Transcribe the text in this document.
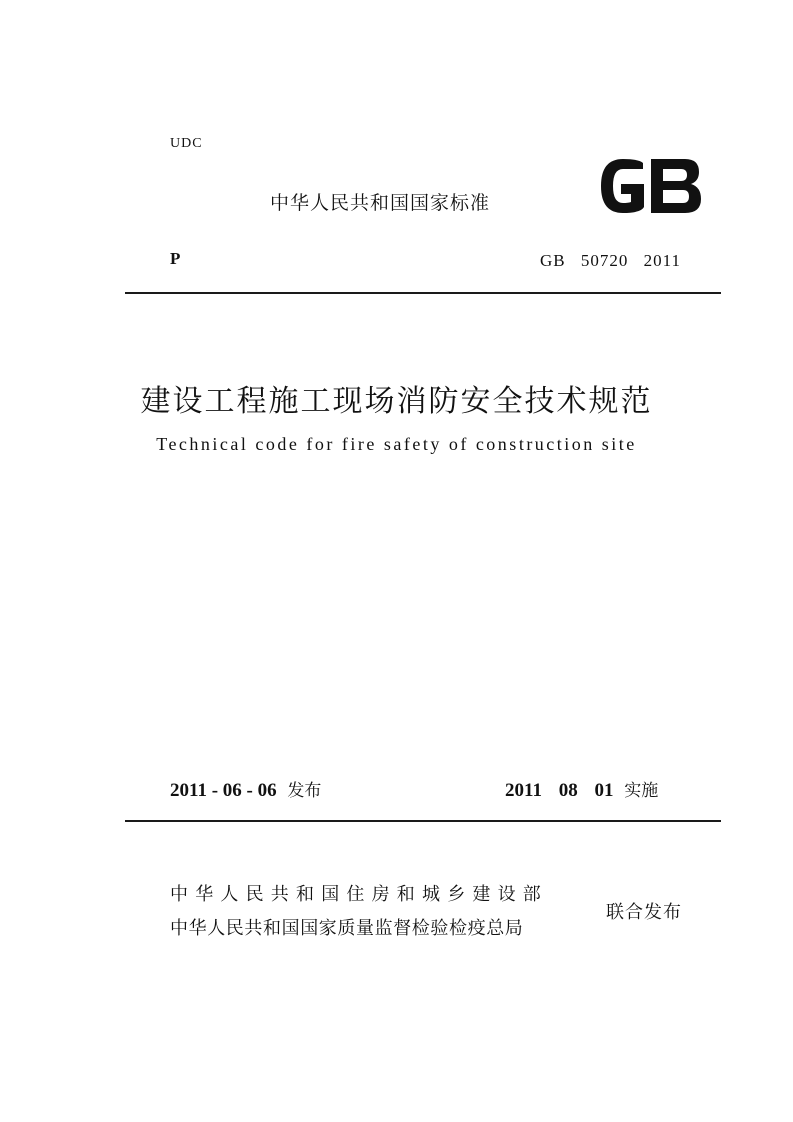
UDC
中华人民共和国国家标准
P	GB 50720 2011
建设工程施工现场消防安全技术规范
Technical code for fire safety of construction site
2011 - 06 - 06 发布	2011 08 01 实施
中华人民共和国住房和城乡建设部
中华人民共和国国家质量监督检验检疫总局
联合发布
